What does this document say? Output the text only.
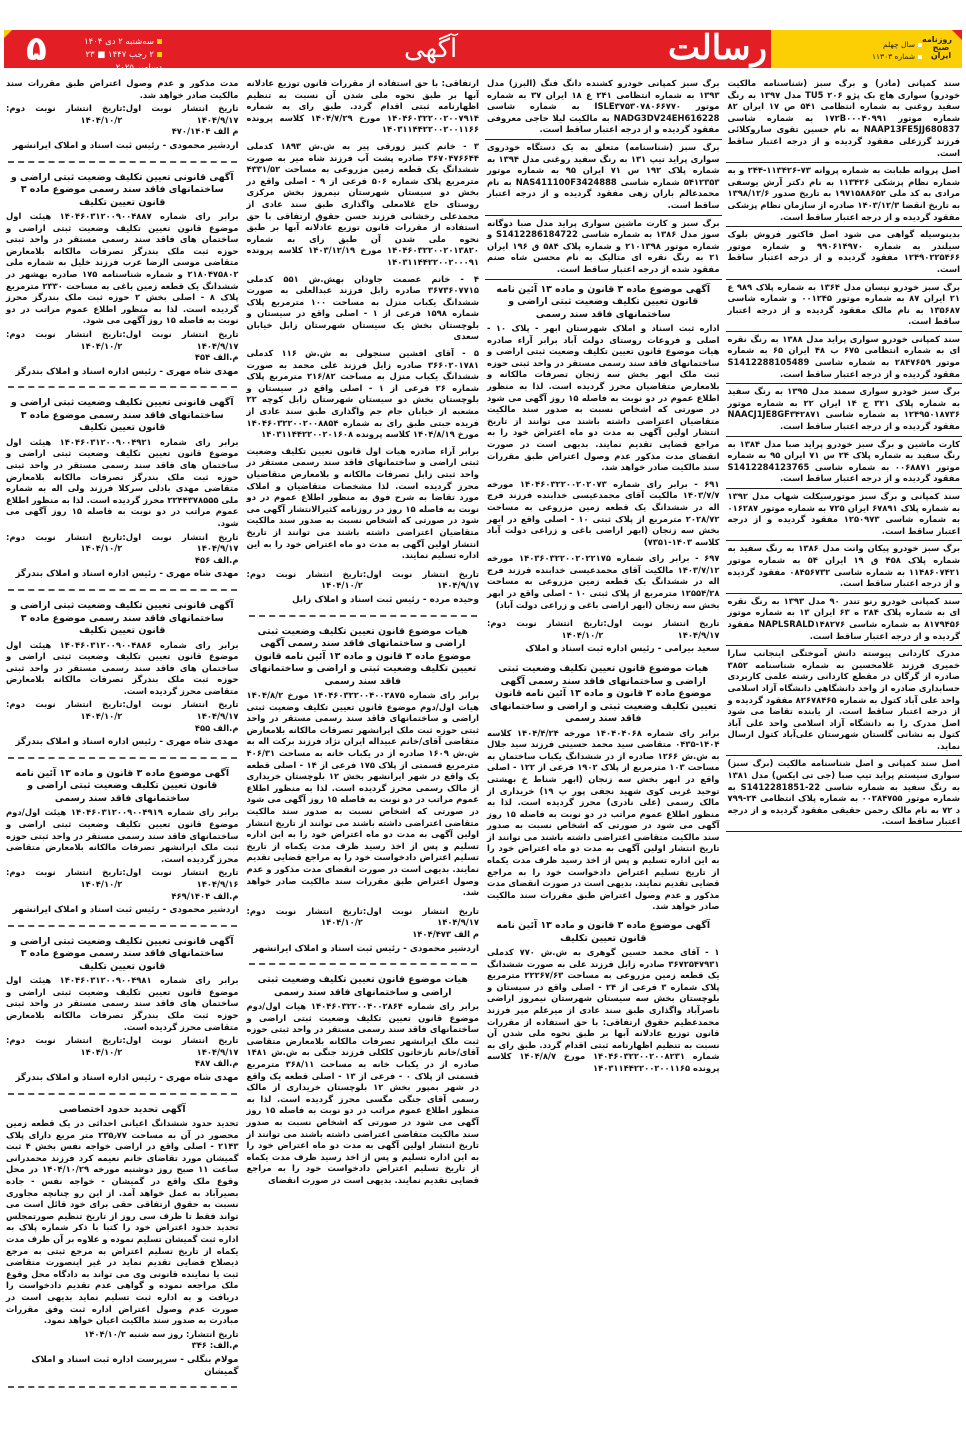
۵	سه‌شنبه ۲ دی ۱۴۰۴
۲ رجب ۱۴۴۷ ■ ۲۳ دسامبر ۲۰۲۵
آگهی	رسالت	روزنامه صبح ایران
سال چهلم
شماره ۱۱۳۰۳

سند کمپانی (مادر) و برگ سبز (شناسنامه مالکیت خودرو) سواری هاچ بک پژو ۲۰۶ TU5 مدل ۱۳۹۷ به رنگ سفید روغنی به شماره انتظامی ۵۴۱ ص ۱۷ ایران ۸۲ شماره موتور ۱۷۲B۰۰۰۴۰۹۹۱ به شماره شاسی NAAP13FE5JJ680837 به نام حسین تقوی ساروکلائی فرزند گرزعلی مفقود گردیده و از درجه اعتبار ساقط است.

اصل پروانه طبابت به شماره پروانه ۷۳-۱۱۳۴۲۶-۲۴۴ و به شماره نظام پزشکی ۱۱۳۴۲۶ به نام دکتر آرش یوسفی مرادی به کد ملی ۱۹۷۱۵۸۸۶۵۲ به تاریخ صدور ۱۳۹۸/۱۲/۶ به تاریخ انقضا ۱۴۰۳/۱۲/۳ صادره از سازمان نظام پزشکی مفقود گردیده و از درجه اعتبار ساقط است.

بدینوسیله گواهی می شود اصل فاکتور فروش بلوک سیلندر به شماره ۹۹۰۶۱۴۹۷۰ و شماره موتور ۱۲۴۹۰۲۲۵۴۶۶ مفقود گردیده و از درجه اعتبار ساقط است.

برگ سبز خودرو نیسان مدل ۱۳۶۴ به شماره پلاک ۹۸۹ ع ۲۱ ایران ۸۷ به شماره موتور ۰۰۱۲۴۵ و شماره شاسی ۱۳۵۶۸۷ به نام مالک مفقود گردیده و از درجه اعتبار ساقط است.

سند کمپانی خودرو سواری پراید مدل ۱۳۸۸ به رنگ نقره ای به شماره انتظامی ۶۷۵ ب ۴۸ ایران ۶۵ به شماره موتور ۲۸۴۷۶۵۹ به شماره شاسی S1412288105489 مفقود گردیده و از درجه اعتبار ساقط است.

برگ سبز خودرو سواری سمند مدل ۱۳۹۵ به رنگ سفید به شماره پلاک ۳۲۱ ج ۱۴ ایران ۲۲ به شماره موتور ۱۲۴۹۵۰۱۸۷۳۶ به شماره شاسی NAACJ1JE8GF۳۴۲۸۷۱ مفقود گردیده و از درجه اعتبار ساقط است.

کارت ماشین و برگ سبز خودرو پراید صبا مدل ۱۳۸۴ به رنگ سفید به شماره پلاک ۲۴ س ۷۱ ایران ۹۵ به شماره موتور ۰۰۶۸۸۷۱ به شماره شاسی S1412284123765 مفقود گردیده و از درجه اعتبار ساقط است.

سند کمپانی و برگ سبز موتورسیکلت شهاب مدل ۱۳۹۲ به شماره پلاک ۶۷۸۹۱ ایران ۷۲۵ به شماره موتور ۰۱۶۲۸۷ به شماره شاسی ۱۲۵۰۹۷۳ مفقود گردیده و از درجه اعتبار ساقط است.

برگ سبز خودرو پیکان وانت مدل ۱۳۸۶ به رنگ سفید به شماره پلاک ۴۵۸ ق ۱۹ ایران ۵۴ به شماره موتور ۱۱۴۸۶۰۷۴۲۱ به شماره شاسی ۰۸۴۵۶۷۳۲ مفقود گردیده و از درجه اعتبار ساقط است.

سند کمپانی خودرو رنو تندر ۹۰ مدل ۱۳۹۳ به رنگ نقره ای به شماره پلاک ۲۸۴ ه ۶۳ ایران ۱۳ به شماره موتور ۸۱۷۹۴۵۶ به شماره شاسی NAPLSRALD۱۴۸۲۷۶ مفقود گردیده و از درجه اعتبار ساقط است.

مدرک کاردانی پیوسته دانش آموختگی اینجانب سارا خمیری فرزند غلامحسین به شماره شناسنامه ۳۸۵۲ صادره از گرگان در مقطع کاردانی رشته علمی کاربردی حسابداری صادره از واحد دانشگاهی دانشگاه آزاد اسلامی واحد علی آباد کتول به شماره ۸۲۶۷۸۴۶۵ مفقود گردیده و از درجه اعتبار ساقط است. از یابنده تقاضا می شود اصل مدرک را به دانشگاه آزاد اسلامی واحد علی آباد کتول به نشانی گلستان شهرستان علی‌آباد کتول ارسال نماید.

اصل سند کمپانی و اصل شناسنامه مالکیت (برگ سبز) سواری سیستم پراید تیپ صبا (جی تی ایکس) مدل ۱۳۸۱ به رنگ سفید به شماره شاسی S1412281851-22 به شماره موتور ۰۰۲۸۴۷۵۵ به شماره پلاک انتظامی ۲۴-۷۹۹ د ۷۲ به نام مالک رحمن حقیقی مفقود گردیده و از درجه اعتبار ساقط است.

برگ سبز کمپانی خودرو کشنده دانگ فنگ (البرز) مدل ۱۳۹۳ به شماره انتظامی ۲۴۱ ع ۱۸ ایران ۳۷ به شماره موتور ISLE۳۷۵۳۰۷۸۰۶۶۷۷۰ به شماره شاسی NADG3DV24EH616228 به مالکیت لیلا حاجی معروفی مفقود گردیده و از درجه اعتبار ساقط است.

برگ سبز (شناسنامه) متعلق به یک دستگاه خودروی سواری پراید تیپ ۱۳۱ به رنگ سفید روغنی مدل ۱۳۹۴ به شماره پلاک ۱۹۲ س ۷۱ ایران ۹۵ به شماره موتور ۵۴۱۲۳۵۳ شماره شاسی NAS411100F3424888 به نام محمدعالم باران زهی مفقود گردیده و از درجه اعتبار ساقط است.

برگ سبز و کارت ماشین سواری پراید مدل صبا دوگانه سوز مدل ۱۳۸۶ به شماره شاسی S1412286184722 و شماره موتور ۲۱۰۱۳۹۸ و شماره پلاک ۵۸۴ ق ۱۹۶ ایران ۲۱ به رنگ نقره ای متالیک به نام محسن شاه صنم مفقود شده از درجه اعتبار ساقط است.

آگهی موضوع ماده ۳ قانون و ماده ۱۳ آئین نامه قانون تعیین تکلیف وضعیت ثبتی اراضی و ساختمانهای فاقد سند رسمی

اداره ثبت اسناد و املاک شهرستان ابهر - پلاک ۱۰ - اصلی و فروعات روستای دولت آباد برابر آراء صادره هیات موضوع قانون تعیین تکلیف وضعیت ثبتی اراضی و ساختمانهای فاقد سند رسمی مستقر در واحد ثبتی حوزه ثبت ملک ابهر بخش سه زنجان تصرفات مالکانه و بلامعارض متقاضیان محرز گردیده است. لذا به منظور اطلاع عموم در دو نوبت به فاصله ۱۵ روز آگهی می شود در صورتی که اشخاص نسبت به صدور سند مالکیت متقاضیان اعتراضی داشته باشند می توانند از تاریخ انتشار اولین آگهی به مدت دو ماه اعتراض خود را به مراجع قضایی تقدیم نمایند. بدیهی است در صورت انقضای مدت مذکور عدم وصول اعتراض طبق مقررات سند مالکیت صادر خواهد شد.

۶۹۱ - برابر رای شماره ۱۴۰۴۶۰۳۲۲۰۰۲۰۲۰۷۳ مورخه ۱۴۰۳/۷/۷ مالکیت آقای محمدعیسی خدابنده فرزند فرج اله در ششدانگ یک قطعه زمین مزروعی به مساحت ۲۰۲۸/۷۲ مترمربع از پلاک ثبتی ۱۰ - اصلی واقع در ابهر بخش سه زنجان (ابهر اراضی باغی و زراعی دولت آباد کلاسه ۱۴۰۳-۷۳۵۱)

۶۹۷ - برابر رای شماره ۱۴۰۳۶۰۳۲۲۰۰۲۰۲۲۱۷۵ مورخه ۱۴۰۳/۷/۱۲ مالکیت آقای محمدعیسی خدابنده فرزند فرج اله در ششدانگ یک قطعه زمین مزروعی به مساحت ۱۲۵۵۴/۲۸ مترمربع از پلاک ثبتی ۱۰ - اصلی واقع در ابهر بخش سه زنجان (ابهر اراضی باغی و زراعی دولت آباد)

تاریخ انتشار نوبت اول: ۱۴۰۴/۹/۱۷
تاریخ انتشار نوبت دوم: ۱۴۰۴/۱۰/۲
سعید بیرامی - رئیس اداره ثبت اسناد و املاک
هیات موضوع قانون تعیین تکلیف وضعیت ثبتی اراضی و ساختمانهای فاقد سند رسمی آگهی موضوع ماده ۳ قانون و ماده ۱۳ آئین نامه قانون تعیین تکلیف وضعیت ثبتی و اراضی و ساختمانهای فاقد سند رسمی

برابر رای شماره ۱۴۰۴۰۴۰۶۸ مورخه ۱۴۰۴/۴/۲۴ کلاسه ۱۴۰۴-۰۴۳۵ متقاضی سید محمد حسینی فرزند سید جلال به ش.ش ۱۲۶۶ صادره از در ششدانگ یکباب ساختمان به مساحت ۱۰۳ مترمربع از پلاک ۱۹۰۲ فرعی از ۱۲۲ - اصلی واقع در ابهر بخش سه زنجان (ابهر شناط خ بهشتی توحید غربی کوی شهید نجفی پور پ ۱۹) خریداری از مالک رسمی (علی نادری) محرز گردیده است. لذا به منظور اطلاع عموم مراتب در دو نوبت به فاصله ۱۵ روز آگهی می شود در صورتی که اشخاص نسبت به صدور سند مالکیت متقاضی اعتراضی داشته باشند می توانند از تاریخ انتشار اولین آگهی به مدت دو ماه اعتراض خود را به این اداره تسلیم و پس از اخذ رسید ظرف مدت یکماه از تاریخ تسلیم اعتراض دادخواست خود را به مراجع قضایی تقدیم نمایند. بدیهی است در صورت انقضای مدت مذکور و عدم وصول اعتراض طبق مقررات سند مالکیت صادر خواهد شد.

آگهی موضوع ماده ۳ قانون و ماده ۱۳ آئین نامه قانون تعیین تکلیف

۱ - آقای محمد حسین گوهری به ش.ش ۷۷۰ کدملی ۳۶۷۲۵۴۷۹۳۱ صادره زابل فرزند علی به صورت ششدانگ یک قطعه زمین مزروعی به مساحت ۲۲۲۶۷/۶۳ مترمربع پلاک شماره ۳ فرعی از ۲۴ - اصلی واقع در سیستان و بلوچستان بخش سه سیستان شهرستان نیمروز اراضی ناصرآباد واگذاری طبق سند عادی از میرعلم میر فرزند محمدعظیم حقوق ارتفاقی: با حق استفاده از مقررات قانون توزیع عادلانه آبها بر طبق نحوه ملی شدن آن نسبت به تنظیم اظهارنامه ثبتی اقدام گردد. طبق رای به شماره ۱۴۰۴۶۰۳۲۲۰۰۲۰۰۸۲۳۱ مورخ ۱۴۰۴/۸/۷ کلاسه پرونده ۱۴۰۳۱۱۴۴۲۲۰۰۲۰۰۱۱۶۵

ارتفاقی: با حق استفاده از مقررات قانون توزیع عادلانه آبها بر طبق نحوه ملی شدن آن نسبت به تنظیم اظهارنامه ثبتی اقدام گردد. طبق رای به شماره ۱۴۰۴۶۰۳۲۲۰۰۲۰۰۷۹۱۴ مورخ ۱۴۰۴/۷/۲۹ کلاسه پرونده ۱۴۰۳۱۱۴۴۲۲۰۰۲۰۰۱۱۶۶

۳ - خانم کنیز زورقی پیر به ش.ش ۱۸۹۳ کدملی ۳۶۷۰۴۷۶۶۴۴ صادره پشت آب فرزند شاه میر به صورت ششدانگ یک قطعه زمین مزروعی به مساحت ۴۳۳۱/۵۲ مترمربع پلاک شماره ۵۰۶ فرعی از ۹ - اصلی واقع در بخش دو سیستان شهرستان نیمروز بخش مرکزی روستای حاج غلامعلی واگذاری طبق سند عادی از محمدعلی رخشانی فرزند حسن حقوق ارتفاقی با حق استفاده از مقررات قانون توزیع عادلانه آبها بر طبق نحوه ملی شدن آن طبق رای به شماره ۱۴۰۴۶۰۳۲۲۰۰۲۰۱۳۸۲۰ مورخ ۱۴۰۳/۱۲/۱۹ کلاسه پرونده ۱۴۰۳۱۱۴۴۲۲۰۰۲۰۰۰۹۱

۴ - خانم عصمت جاودان بهش.ش ۵۵۱ کدملی ۳۶۷۳۶۰۷۷۱۵ صادره زابل فرزند عبدالعلی به صورت ششدانگ یکباب منزل به مساحت ۱۰۰ مترمربع پلاک شماره ۱۵۹۸ فرعی از ۱ - اصلی واقع در سیستان و بلوچستان بخش یک سیستان شهرستان زابل خیابان سعدی

۵ - آقای افشین سنجولی به ش.ش ۱۱۶ کدملی ۳۶۶۰۲۰۱۷۸۱ صادره زابل فرزند علی محمد به صورت ششدانگ یکباب منزل به مساحت ۲۱۶/۸۲ مترمربع پلاک شماره ۲۶ فرعی از ۱ - اصلی واقع در سیستان و بلوچستان بخش دو سیستان شهرستان زابل کوچه ۲۲ مشعبه از خیابان جام جم واگذاری طبق سند عادی از فریده جبتی طبق رای به شماره ۱۴۰۴۶۰۳۲۲۰۰۲۰۰۸۸۵۴ مورخ ۱۴۰۴/۸/۱۹ کلاسه پرونده ۱۴۰۳۱۱۴۴۲۲۰۰۲۰۱۶۰۸

برابر آراء صادره هیات اول قانون تعیین تکلیف وضعیت ثبتی اراضی و ساختمانهای فاقد سند رسمی مستقر در واحد ثبتی زابل تصرفات مالکانه و بلامعارض متقاضیان محرز گردیده است. لذا مشخصات متقاضیان و املاک مورد تقاضا به شرح فوق به منظور اطلاع عموم در دو نوبت به فاصله ۱۵ روز در روزنامه کثیرالانتشار آگهی می شود در صورتی که اشخاص نسبت به صدور سند مالکیت متقاضیان اعتراضی داشته باشند می توانند از تاریخ انتشار اولین آگهی به مدت دو ماه اعتراض خود را به این اداره تسلیم نمایند.

تاریخ انتشار نوبت اول: ۱۴۰۴/۹/۱۷
تاریخ انتشار نوبت دوم: ۱۴۰۴/۱۰/۲
وحیده مرده - رئیس ثبت اسناد و املاک زابل
هیات موضوع قانون تعیین تکلیف وضعیت ثبتی اراضی و ساختمانهای فاقد سند رسمی آگهی موضوع ماده ۳ قانون و ماده ۱۳ آئین نامه قانون تعیین تکلیف وضعیت ثبتی و اراضی و ساختمانهای فاقد سند رسمی

برابر رای شماره ۱۴۰۴۶۰۳۲۲۰۰۴۰۰۲۸۷۵ مورخ ۱۴۰۴/۸/۲ هیات اول/دوم موضوع قانون تعیین تکلیف وضعیت ثبتی اراضی و ساختمانهای فاقد سند رسمی مستقر در واحد ثبتی حوزه ثبت ملک ایرانشهر تصرفات مالکانه بلامعارض متقاضی آقای/خانم عبیداله ایران نژاد فرزند برکت اله به ش.ش ۱۶۰۹ صادره از در یکباب خانه به مساحت ۴۰۶/۳۱ مترمربع قسمتی از پلاک ۱۷۵ فرعی از ۱۴ - اصلی قطعه یک واقع در شهر ایرانشهر بخش ۱۲ بلوچستان خریداری از مالک رسمی محرز گردیده است. لذا به منظور اطلاع عموم مراتب در دو نوبت به فاصله ۱۵ روز آگهی می شود در صورتی که اشخاص نسبت به صدور سند مالکیت متقاضی اعتراضی داشته باشند می توانند از تاریخ انتشار اولین آگهی به مدت دو ماه اعتراض خود را به این اداره تسلیم و پس از اخذ رسید ظرف مدت یکماه از تاریخ تسلیم اعتراض دادخواست خود را به مراجع قضایی تقدیم نمایند. بدیهی است در صورت انقضای مدت مذکور و عدم وصول اعتراض طبق مقررات سند مالکیت صادر خواهد شد.

تاریخ انتشار نوبت اول: ۱۴۰۴/۹/۱۷
تاریخ انتشار نوبت دوم: ۱۴۰۴/۱۰/۲
م الف ۱۴۰۴/۴۷۳
اردشیر محمودی - رئیس ثبت اسناد و املاک ایرانشهر
هیات موضوع قانون تعیین تکلیف وضعیت ثبتی اراضی و ساختمانهای فاقد سند رسمی

برابر رای شماره ۱۴۰۴۶۰۳۲۲۰۰۴۰۰۲۸۶۴ هیات اول/دوم موضوع قانون تعیین تکلیف وضعیت ثبتی اراضی و ساختمانهای فاقد سند رسمی مستقر در واحد ثبتی حوزه ثبت ملک ایرانشهر تصرفات مالکانه بلامعارض متقاضی آقای/خانم نازخاتون کلکلی فرزند جنگی به ش.ش ۱۴۸۱ صادره از در یکباب خانه به مساحت ۳۶۸/۱۱ مترمربع قسمتی از پلاک ۰ - فرعی از ۱۳ - اصلی قطعه یک واقع در شهر بمپور بخش ۱۲ بلوچستان خریداری از مالک رسمی آقای جنگی مگسی محرز گردیده است. لذا به منظور اطلاع عموم مراتب در دو نوبت به فاصله ۱۵ روز آگهی می شود در صورتی که اشخاص نسبت به صدور سند مالکیت متقاضی اعتراضی داشته باشند می توانند از تاریخ انتشار اولین آگهی به مدت دو ماه اعتراض خود را به این اداره تسلیم و پس از اخذ رسید ظرف مدت یکماه از تاریخ تسلیم اعتراض دادخواست خود را به مراجع قضایی تقدیم نمایند. بدیهی است در صورت انقضای

مدت مذکور و عدم وصول اعتراض طبق مقررات سند مالکیت صادر خواهد شد.

تاریخ انتشار نوبت اول: ۱۴۰۴/۹/۱۷
تاریخ انتشار نوبت دوم: ۱۴۰۴/۱۰/۲
م الف ۴۷۰/۱۴۰۴
اردشیر محمودی - رئیس ثبت اسناد و املاک ایرانشهر
آگهی قانونی تعیین تکلیف وضعیت ثبتی اراضی و ساختمانهای فاقد سند رسمی موضوع ماده ۳ قانون تعیین تکلیف

برابر رای شماره ۱۴۰۴۶۰۳۱۲۰۰۹۰۰۴۸۸۷ هیئت اول موضوع قانون تعیین تکلیف وضعیت ثبتی اراضی و ساختمان های فاقد سند رسمی مستقر در واحد ثبتی حوزه ثبت ملک بندرگز تصرفات مالکانه بلامعارض متقاضی موسی الرضا عرب فرزند خلیل به شماره ملی ۲۱۸۰۴۷۵۸۰۲ و شماره شناسنامه ۱۷۵ صادره بهشهر در ششدانگ یک قطعه زمین باغی به مساحت ۲۳۳۰ مترمربع پلاک ۸ - اصلی بخش ۲ حوزه ثبت ملک بندرگز محرز گردیده است. لذا به منظور اطلاع عموم مراتب در دو نوبت به فاصله ۱۵ روز آگهی می شود.

تاریخ انتشار نوبت اول: ۱۴۰۴/۹/۱۷
تاریخ انتشار نوبت دوم: ۱۴۰۴/۱۰/۲
م.الف ۴۵۴
مهدی شاه مهری - رئیس اداره اسناد و املاک بندرگز
آگهی قانونی تعیین تکلیف وضعیت ثبتی اراضی و ساختمانهای فاقد سند رسمی موضوع ماده ۳ قانون تعیین تکلیف

برابر رای شماره ۱۴۰۴۶۰۳۱۲۰۰۹۰۰۴۹۲۱ هیئت اول موضوع قانون تعیین تکلیف وضعیت ثبتی اراضی و ساختمان های فاقد سند رسمی مستقر در واحد ثبتی حوزه ثبت ملک بندرگز تصرفات مالکانه بلامعارض متقاضی مهدی بادلی سرکلا فرزند ولی اله به شماره ملی ۲۲۴۴۳۷۸۵۵۵ محرز گردیده است. لذا به منظور اطلاع عموم مراتب در دو نوبت به فاصله ۱۵ روز آگهی می شود.

تاریخ انتشار نوبت اول: ۱۴۰۴/۹/۱۷
تاریخ انتشار نوبت دوم: ۱۴۰۴/۱۰/۲
م.الف ۴۵۶
مهدی شاه مهری - رئیس اداره اسناد و املاک بندرگز
آگهی قانونی تعیین تکلیف وضعیت ثبتی اراضی و ساختمانهای فاقد سند رسمی موضوع ماده ۳ قانون تعیین تکلیف

برابر رای شماره ۱۴۰۴۶۰۳۱۲۰۰۹۰۰۴۸۸۶ هیئت اول موضوع قانون تعیین تکلیف وضعیت ثبتی اراضی و ساختمان های فاقد سند رسمی مستقر در واحد ثبتی حوزه ثبت ملک بندرگز تصرفات مالکانه بلامعارض متقاضی محرز گردیده است.

تاریخ انتشار نوبت اول: ۱۴۰۴/۹/۱۷
تاریخ انتشار نوبت دوم: ۱۴۰۴/۱۰/۲
م.الف ۴۵۵
مهدی شاه مهری - رئیس اداره اسناد و املاک بندرگز
آگهی موضوع ماده ۳ قانون و ماده ۱۳ آئین نامه قانون تعیین تکلیف وضعیت ثبتی اراضی و ساختمانهای فاقد سند رسمی

برابر رای شماره ۱۴۰۴۶۰۳۱۲۰۰۹۰۰۴۹۱۹ هیئت اول/دوم موضوع قانون تعیین تکلیف وضعیت ثبتی اراضی و ساختمانهای فاقد سند رسمی مستقر در واحد ثبتی حوزه ثبت ملک ایرانشهر تصرفات مالکانه بلامعارض متقاضی محرز گردیده است.

تاریخ انتشار نوبت اول: ۱۴۰۴/۹/۱۶
تاریخ انتشار نوبت دوم: ۱۴۰۴/۱۰/۲
م.الف ۴۶۹/۱۴۰۴
اردشیر محمودی - رئیس ثبت اسناد و املاک ایرانشهر
آگهی قانونی تعیین تکلیف وضعیت ثبتی اراضی و ساختمانهای فاقد سند رسمی موضوع ماده ۳ قانون تعیین تکلیف

برابر رای شماره ۱۴۰۴۶۰۳۱۲۰۰۹۰۰۴۹۸۱ هیئت اول موضوع قانون تعیین تکلیف وضعیت ثبتی اراضی و ساختمان های فاقد سند رسمی مستقر در واحد ثبتی حوزه ثبت ملک بندرگز تصرفات مالکانه بلامعارض متقاضی محرز گردیده است.

تاریخ انتشار نوبت اول: ۱۴۰۴/۹/۱۷
تاریخ انتشار نوبت دوم: ۱۴۰۴/۱۰/۲
م.الف ۴۸۷
مهدی شاه مهری - رئیس اداره اسناد و املاک بندرگز
آگهی تحدید حدود اختصاصی

تحدید حدود ششدانگ اعیانی احداثی در یک قطعه زمین محصور در آن به مساحت ۲۳۵٫۷۷ متر مربع دارای پلاک ۲۱۴۳ - اصلی واقع در اراضی خواجه نفس بخش ۴ ثبت گمیشان مورد تقاضای خانم نعیمه کرد فرزند محمدرانی ساعت ۱۱ صبح روز دوشنبه مورخه ۱۴۰۴/۱۰/۲۹ در محل وقوع ملک واقع در گمیشان - خواجه نفس - جاده بصیرآباد به عمل خواهد آمد. از این رو چنانچه مجاوری نسبت به حقوق ارتفاقی حقی برای خود قائل است می تواند فقط تا ظرف سی روز از تاریخ تنظیم صورتمجلس تحدید حدود اعتراض خود را کتبا با ذکر شماره پلاک به اداره ثبت گمیشان تسلیم نموده و علاوه بر آن ظرف مدت یکماه از تاریخ تسلیم اعتراض به مرجع ثبتی به مرجع ذیصلاح قضایی تقدیم نماید در غیر اینصورت متقاضی ثبت یا نماینده قانونی وی می تواند به دادگاه محل وقوع ملک مراجعه نموده و گواهی عدم تقدیم دادخواست را دریافت و به اداره ثبت تسلیم نماید بدیهی است در صورت عدم وصول اعتراض اداره ثبت وفق مقررات مبادرت به صدور سند مالکیت اعیان خواهد نمود.

تاریخ انتشار: روز سه شنبه ۱۴۰۴/۱۰/۲
م.الف: ۳۴۶
مولام بنگلی - سرپرست اداره ثبت اسناد و املاک گمیشان
